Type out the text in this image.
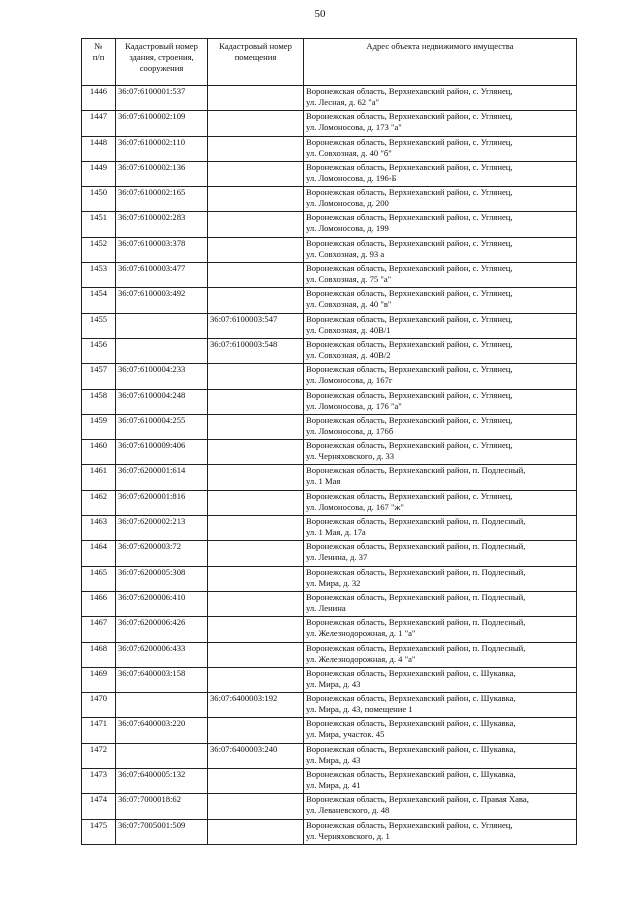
50
№
п/п	Кадастровый номер здания, строения, сооружения	Кадастровый номер помещения	Адрес объекта недвижимого имущества
1446	36:07:6100001:537		Воронежская область, Верхнехавский район, с. Углянец,
ул. Лесная, д. 62 "а"

1447	36:07:6100002:109		Воронежская область, Верхнехавский район, с. Углянец,
ул. Ломоносова, д. 173 "а"

1448	36:07:6100002:110		Воронежская область, Верхнехавский район, с. Углянец,
ул. Совхозная, д. 40 "б"

1449	36:07:6100002:136		Воронежская область, Верхнехавский район, с. Углянец,
ул. Ломоносова, д. 196-Б

1450	36:07:6100002:165		Воронежская область, Верхнехавский район, с. Углянец,
ул. Ломоносова, д. 200

1451	36:07:6100002:283		Воронежская область, Верхнехавский район, с. Углянец,
ул. Ломоносова, д. 199

1452	36:07:6100003:378		Воронежская область, Верхнехавский район, с. Углянец,
ул. Совхозная, д. 93 а

1453	36:07:6100003:477		Воронежская область, Верхнехавский район, с. Углянец,
ул. Совхозная, д. 75 "а"

1454	36:07:6100003:492		Воронежская область, Верхнехавский район, с. Углянец,
ул. Совхозная, д. 40 "в"

1455		36:07:6100003:547	Воронежская область, Верхнехавский район, с. Углянец,
ул. Совхозная, д. 40В/1

1456		36:07:6100003:548	Воронежская область, Верхнехавский район, с. Углянец,
ул. Совхозная, д. 40В/2

1457	36:07:6100004:233		Воронежская область, Верхнехавский район, с. Углянец,
ул. Ломоносова, д. 167г

1458	36:07:6100004:248		Воронежская область, Верхнехавский район, с. Углянец,
ул. Ломоносова, д. 176 "а"

1459	36:07:6100004:255		Воронежская область, Верхнехавский район, с. Углянец,
ул. Ломоносова, д. 176б

1460	36:07:6100009:406		Воронежская область, Верхнехавский район, с. Углянец,
ул. Черняховского, д. 33

1461	36:07:6200001:614		Воронежская область, Верхнехавский район, п. Подлесный,
ул. 1 Мая

1462	36:07:6200001:816		Воронежская область, Верхнехавский район, с. Углянец,
ул. Ломоносова, д. 167 "ж"

1463	36:07:6200002:213		Воронежская область, Верхнехавский район, п. Подлесный,
ул. 1 Мая, д. 17а

1464	36:07:6200003:72		Воронежская область, Верхнехавский район, п. Подлесный,
ул. Ленина, д. 37

1465	36:07:6200005:308		Воронежская область, Верхнехавский район, п. Подлесный,
ул. Мира, д. 32

1466	36:07:6200006:410		Воронежская область, Верхнехавский район, п. Подлесный,
ул. Ленина

1467	36:07:6200006:426		Воронежская область, Верхнехавский район, п. Подлесный,
ул. Железнодорожная, д. 1 "а"

1468	36:07:6200006:433		Воронежская область, Верхнехавский район, п. Подлесный,
ул. Железнодорожная, д. 4 "а"

1469	36:07:6400003:158		Воронежская область, Верхнехавский район, с. Шукавка,
ул. Мира, д. 43

1470		36:07:6400003:192	Воронежская область, Верхнехавский район, с. Шукавка,
ул. Мира, д. 43, помещение 1

1471	36:07:6400003:220		Воронежская область, Верхнехавский район, с. Шукавка,
ул. Мира, участок. 45

1472		36:07:6400003:240	Воронежская область, Верхнехавский район, с. Шукавка,
ул. Мира, д. 43

1473	36:07:6400005:132		Воронежская область, Верхнехавский район, с. Шукавка,
ул. Мира, д. 41

1474	36:07:7000018:62		Воронежская область, Верхнехавский район, с. Правая Хава,
ул. Леваневского, д. 48

1475	36:07:7005001:509		Воронежская область, Верхнехавский район, с. Углянец,
ул. Черняховского, д. 1
